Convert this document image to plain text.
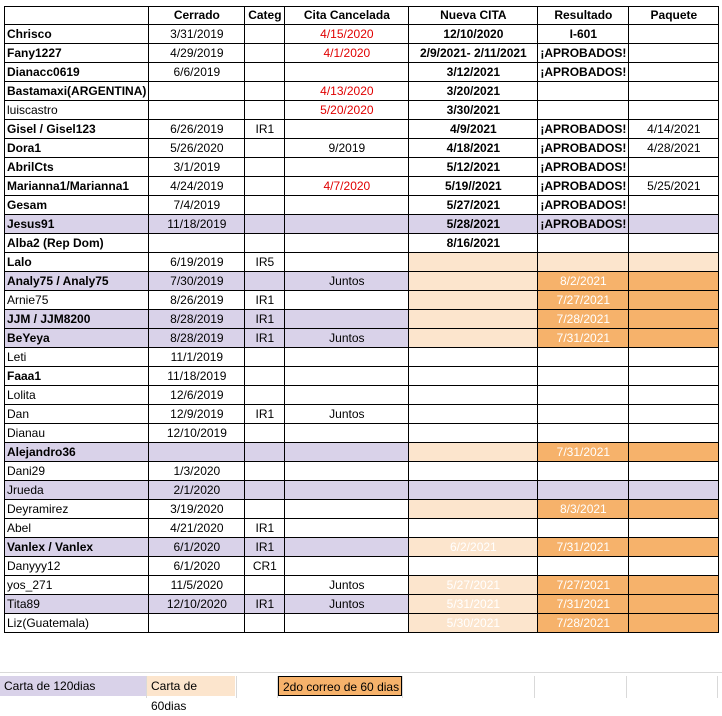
	Cerrado	Categ	Cita Cancelada	Nueva CITA	Resultado	Paquete
Chrisco	3/31/2019		4/15/2020	12/10/2020	I-601	
Fany1227	4/29/2019		4/1/2020	2/9/2021- 2/11/2021	¡APROBADOS!	
Dianacc0619	6/6/2019			3/12/2021	¡APROBADOS!	
Bastamaxi(ARGENTINA)			4/13/2020	3/20/2021		
luiscastro			5/20/2020	3/30/2021		
Gisel / Gisel123	6/26/2019	IR1		4/9/2021	¡APROBADOS!	4/14/2021
Dora1	5/26/2020		9/2019	4/18/2021	¡APROBADOS!	4/28/2021
AbrilCts	3/1/2019			5/12/2021	¡APROBADOS!	
Marianna1/Marianna1	4/24/2019		4/7/2020	5/19//2021	¡APROBADOS!	5/25/2021
Gesam	7/4/2019			5/27/2021	¡APROBADOS!	
Jesus91	11/18/2019			5/28/2021	¡APROBADOS!	
Alba2 (Rep Dom)				8/16/2021		
Lalo	6/19/2019	IR5				
Analy75 / Analy75	7/30/2019		Juntos		8/2/2021	
Arnie75	8/26/2019	IR1			7/27/2021	
JJM / JJM8200	8/28/2019	IR1			7/28/2021	
BeYeya	8/28/2019	IR1	Juntos		7/31/2021	
Leti	11/1/2019					
Faaa1	11/18/2019					
Lolita	12/6/2019					
Dan	12/9/2019	IR1	Juntos			
Dianau	12/10/2019					
Alejandro36					7/31/2021	
Dani29	1/3/2020					
Jrueda	2/1/2020					
Deyramirez	3/19/2020				8/3/2021	
Abel	4/21/2020	IR1				
Vanlex / Vanlex	6/1/2020	IR1		6/2/2021	7/31/2021	
Danyyy12	6/1/2020	CR1				
yos_271	11/5/2020		Juntos	5/27/2021	7/27/2021	
Tita89	12/10/2020	IR1	Juntos	5/31/2021	7/31/2021	
Liz(Guatemala)				5/30/2021	7/28/2021	
Carta de 120dias	Carta de 60dias
2do correo de 60 dias
